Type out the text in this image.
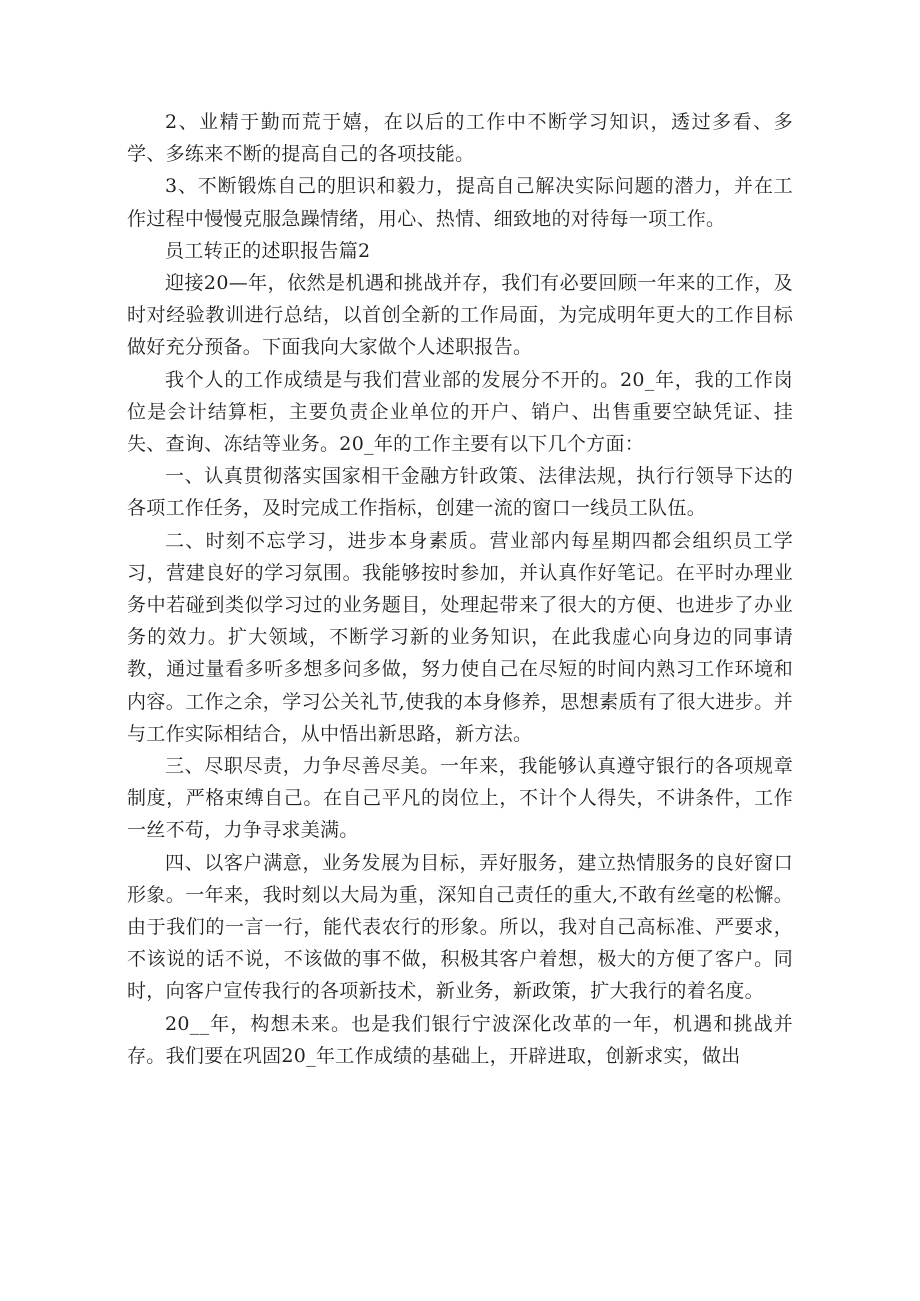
2、业精于勤而荒于嬉，在以后的工作中不断学习知识，透过多看、多学、多练来不断的提高自己的各项技能。

3、不断锻炼自己的胆识和毅力，提高自己解决实际问题的潜力，并在工作过程中慢慢克服急躁情绪，用心、热情、细致地的对待每一项工作。

员工转正的述职报告篇2

迎接20—年，依然是机遇和挑战并存，我们有必要回顾一年来的工作，及时对经验教训进行总结，以首创全新的工作局面，为完成明年更大的工作目标做好充分预备。下面我向大家做个人述职报告。

我个人的工作成绩是与我们营业部的发展分不开的。20_年，我的工作岗位是会计结算柜，主要负责企业单位的开户、销户、出售重要空缺凭证、挂失、查询、冻结等业务。20_年的工作主要有以下几个方面：

一、认真贯彻落实国家相干金融方针政策、法律法规，执行行领导下达的各项工作任务，及时完成工作指标，创建一流的窗口一线员工队伍。

二、时刻不忘学习，进步本身素质。营业部内每星期四都会组织员工学习，营建良好的学习氛围。我能够按时参加，并认真作好笔记。在平时办理业务中若碰到类似学习过的业务题目，处理起带来了很大的方便、也进步了办业务的效力。扩大领域，不断学习新的业务知识，在此我虚心向身边的同事请教，通过量看多听多想多问多做，努力使自己在尽短的时间内熟习工作环境和内容。工作之余，学习公关礼节,使我的本身修养，思想素质有了很大进步。并与工作实际相结合，从中悟出新思路，新方法。

三、尽职尽责，力争尽善尽美。一年来，我能够认真遵守银行的各项规章制度，严格束缚自己。在自己平凡的岗位上，不计个人得失，不讲条件，工作一丝不苟，力争寻求美满。

四、以客户满意，业务发展为目标，弄好服务，建立热情服务的良好窗口形象。一年来，我时刻以大局为重，深知自己责任的重大,不敢有丝毫的松懈。由于我们的一言一行，能代表农行的形象。所以，我对自己高标准、严要求，不该说的话不说，不该做的事不做，积极其客户着想，极大的方便了客户。同时，向客户宣传我行的各项新技术，新业务，新政策，扩大我行的着名度。

20__年，构想未来。也是我们银行宁波深化改革的一年，机遇和挑战并存。我们要在巩固20_年工作成绩的基础上，开辟进取，创新求实，做出
